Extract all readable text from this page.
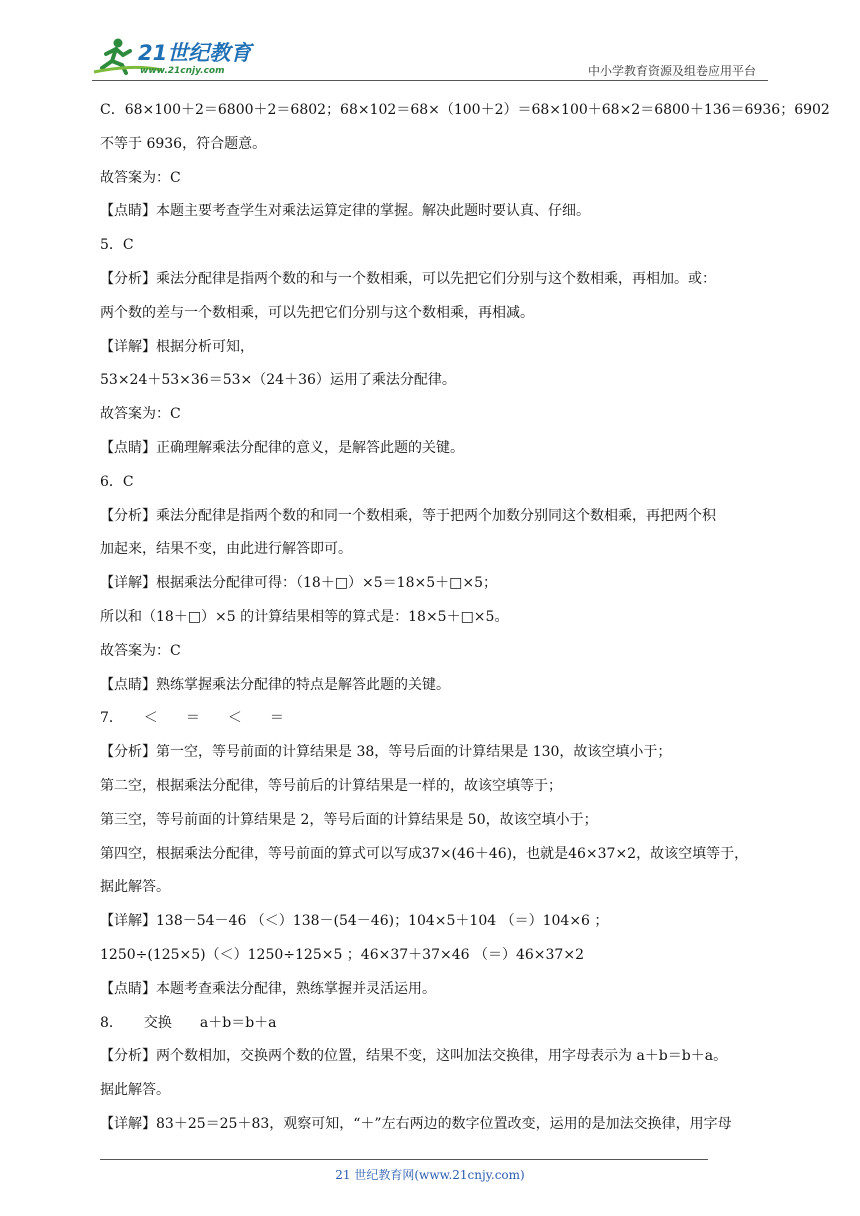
21世纪教育
www.21cnjy.com	中小学教育资源及组卷应用平台
C．68×100＋2＝6800＋2＝6802；68×102＝68×（100＋2）＝68×100＋68×2＝6800＋136＝6936；6902
不等于 6936，符合题意。
故答案为：C
【点睛】本题主要考查学生对乘法运算定律的掌握。解决此题时要认真、仔细。
5．C
【分析】乘法分配律是指两个数的和与一个数相乘，可以先把它们分别与这个数相乘，再相加。或：
两个数的差与一个数相乘，可以先把它们分别与这个数相乘，再相减。
【详解】根据分析可知，
53×24＋53×36＝53×（24＋36）运用了乘法分配律。
故答案为：C
【点睛】正确理解乘法分配律的意义，是解答此题的关键。
6．C
【分析】乘法分配律是指两个数的和同一个数相乘，等于把两个加数分别同这个数相乘，再把两个积
加起来，结果不变，由此进行解答即可。
【详解】根据乘法分配律可得：（18＋□）×5＝18×5＋□×5；
所以和（18＋□）×5 的计算结果相等的算式是：18×5＋□×5。
故答案为：C
【点睛】熟练掌握乘法分配律的特点是解答此题的关键。
7．　　＜　　＝　　＜　　＝
【分析】第一空，等号前面的计算结果是 38，等号后面的计算结果是 130，故该空填小于；
第二空，根据乘法分配律，等号前后的计算结果是一样的，故该空填等于；
第三空，等号前面的计算结果是 2，等号后面的计算结果是 50，故该空填小于；
第四空，根据乘法分配律，等号前面的算式可以写成37×(46＋46)，也就是46×37×2，故该空填等于，
据此解答。
【详解】138－54－46 （＜）138－(54－46)；104×5＋104 （＝）104×6 ；
1250÷(125×5)（＜）1250÷125×5 ；46×37＋37×46 （＝）46×37×2
【点睛】本题考查乘法分配律，熟练掌握并灵活运用。
8．　　交换　　a＋b＝b＋a
【分析】两个数相加，交换两个数的位置，结果不变，这叫加法交换律，用字母表示为 a＋b＝b＋a。
据此解答。
【详解】83＋25＝25＋83，观察可知，“＋”左右两边的数字位置改变，运用的是加法交换律，用字母
21 世纪教育网(www.21cnjy.com)
